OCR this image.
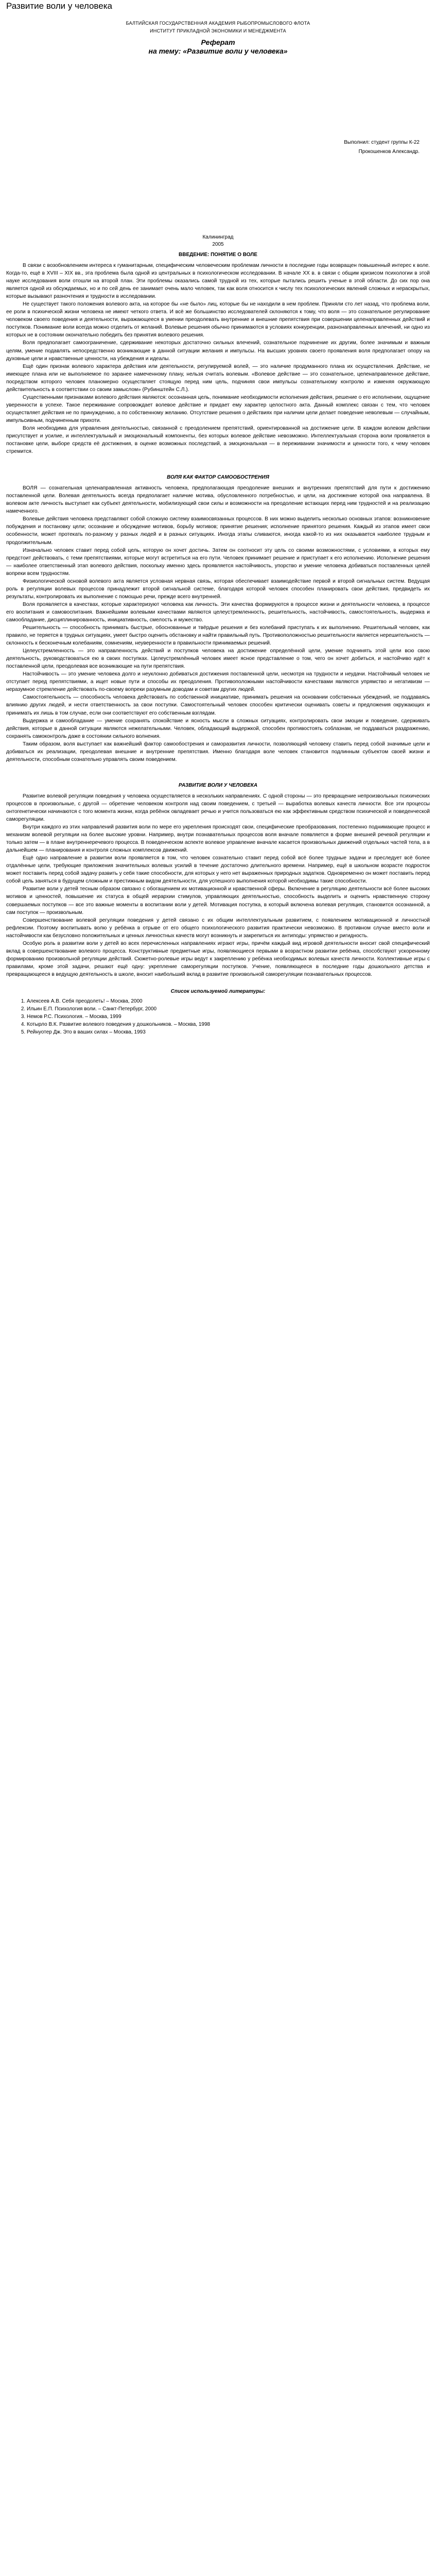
Развитие воли у человека
БАЛТИЙСКАЯ ГОСУДАРСТВЕННАЯ АКАДЕМИЯ РЫБОПРОМЫСЛОВОГО ФЛОТА
ИНСТИТУТ ПРИКЛАДНОЙ ЭКОНОМИКИ И МЕНЕДЖМЕНТА
Реферат
на тему: «Развитие воли у человека»
Выполнил: студент группы К-22
Прокошенков Александр.
Калининград
2005
ВВЕДЕНИЕ: ПОНЯТИЕ О ВОЛЕ

В связи с возобновлением интереса к гуманитарным, специфическим человеческим проблемам личности в последние годы возвращен повышенный интерес к воле. Когда-то, ещё в XVIII – XIX вв., эта проблема была одной из центральных в психологическом исследовании. В начале XX в. в связи с общим кризисом психологии в этой науке исследования воли отошли на второй план. Эти проблемы оказались самой трудной из тех, которые пытались решить ученые в этой области. До сих пор она является одной из обсуждаемых, но и по сей день ее занимает очень мало человек, так как воля относится к числу тех психологических явлений сложных и нераскрытых, которые вызывают разночтения и трудности в исследовании.

Не существует такого положения волевого акта, на которое бы «не было» лиц, которые бы не находили в нем проблем. Приняли сто лет назад, что проблема воли, ее роли в психической жизни человека не имеют четкого ответа. И всё же большинство исследователей склоняются к тому, что воля — это сознательное регулирование человеком своего поведения и деятельности, выражающееся в умении преодолевать внутренние и внешние препятствия при совершении целенаправленных действий и поступков. Понимание воли всегда можно отделить от желаний. Волевые решения обычно принимаются в условиях конкуренции, разнонаправленных влечений, ни одно из которых не в состоянии окончательно победить без принятия волевого решения.

Воля предполагает самоограничение, сдерживание некоторых достаточно сильных влечений, сознательное подчинение их другим, более значимым и важным целям, умение подавлять непосредственно возникающие в данной ситуации желания и импульсы. На высших уровнях своего проявления воля предполагает опору на духовные цели и нравственные ценности, на убеждения и идеалы.

Ещё один признак волевого характера действия или деятельности, регулируемой волей, — это наличие продуманного плана их осуществления. Действие, не имеющее плана или не выполняемое по заранее намеченному плану, нельзя считать волевым. «Волевое действие — это сознательное, целенаправленное действие, посредством которого человек планомерно осуществляет стоящую перед ним цель, подчиняя свои импульсы сознательному контролю и изменяя окружающую действительность в соответствии со своим замыслом» (Рубинштейн С.Л.).

Существенными признаками волевого действия являются: осознанная цель, понимание необходимости исполнения действия, решение о его исполнении, ощущение уверенности в успехе. Такое переживание сопровождает волевое действие и придает ему характер целостного акта. Данный комплекс связан с тем, что человек осуществляет действия не по принуждению, а по собственному желанию. Отсутствие решения о действиях при наличии цели делает поведение неволевым — случайным, импульсивным, подчиненным прихоти.

Воля необходима для управления деятельностью, связанной с преодолением препятствий, ориентированной на достижение цели. В каждом волевом действии присутствует и усилие, и интеллектуальный и эмоциональный компоненты, без которых волевое действие невозможно. Интеллектуальная сторона воли проявляется в постановке цели, выборе средств её достижения, в оценке возможных последствий, а эмоциональная — в переживании значимости и ценности того, к чему человек стремится.

ВОЛЯ КАК ФАКТОР САМООБОСТРЕНИЯ

ВОЛЯ — сознательная целенаправленная активность человека, предполагающая преодоление внешних и внутренних препятствий для пути к достижению поставленной цели. Волевая деятельность всегда предполагает наличие мотива, обусловленного потребностью, и цели, на достижение которой она направлена. В волевом акте личность выступает как субъект деятельности, мобилизующий свои силы и возможности на преодоление встающих перед ним трудностей и на реализацию намеченного.

Волевые действия человека представляют собой сложную систему взаимосвязанных процессов. В них можно выделить несколько основных этапов: возникновение побуждения и постановку цели; осознание и обсуждение мотивов, борьбу мотивов; принятие решения; исполнение принятого решения. Каждый из этапов имеет свои особенности, может протекать по-разному у разных людей и в разных ситуациях. Иногда этапы сливаются, иногда какой-то из них оказывается наиболее трудным и продолжительным.

Изначально человек ставит перед собой цель, которую он хочет достичь. Затем он соотносит эту цель со своими возможностями, с условиями, в которых ему предстоит действовать, с теми препятствиями, которые могут встретиться на его пути. Человек принимает решение и приступает к его исполнению. Исполнение решения — наиболее ответственный этап волевого действия, поскольку именно здесь проявляется настойчивость, упорство и умение человека добиваться поставленных целей вопреки всем трудностям.

Физиологической основой волевого акта является условная нервная связь, которая обеспечивает взаимодействие первой и второй сигнальных систем. Ведущая роль в регуляции волевых процессов принадлежит второй сигнальной системе, благодаря которой человек способен планировать свои действия, предвидеть их результаты, контролировать их выполнение с помощью речи, прежде всего внутренней.

Воля проявляется в качествах, которые характеризуют человека как личность. Эти качества формируются в процессе жизни и деятельности человека, в процессе его воспитания и самовоспитания. Важнейшими волевыми качествами являются целеустремленность, решительность, настойчивость, самостоятельность, выдержка и самообладание, дисциплинированность, инициативность, смелость и мужество.

Решительность — способность принимать быстрые, обоснованные и твёрдые решения и без колебаний приступать к их выполнению. Решительный человек, как правило, не теряется в трудных ситуациях, умеет быстро оценить обстановку и найти правильный путь. Противоположностью решительности является нерешительность — склонность к бесконечным колебаниям, сомнениям, неуверенности в правильности принимаемых решений.

Целеустремленность — это направленность действий и поступков человека на достижение определённой цели, умение подчинять этой цели всю свою деятельность, руководствоваться ею в своих поступках. Целеустремлённый человек имеет ясное представление о том, чего он хочет добиться, и настойчиво идёт к поставленной цели, преодолевая все возникающие на пути препятствия.

Настойчивость — это умение человека долго и неуклонно добиваться достижения поставленной цели, несмотря на трудности и неудачи. Настойчивый человек не отступает перед препятствиями, а ищет новые пути и способы их преодоления. Противоположными настойчивости качествами являются упрямство и негативизм — неразумное стремление действовать по-своему вопреки разумным доводам и советам других людей.

Самостоятельность — способность человека действовать по собственной инициативе, принимать решения на основании собственных убеждений, не поддаваясь влиянию других людей, и нести ответственность за свои поступки. Самостоятельный человек способен критически оценивать советы и предложения окружающих и принимать их лишь в том случае, если они соответствуют его собственным взглядам.

Выдержка и самообладание — умение сохранять спокойствие и ясность мысли в сложных ситуациях, контролировать свои эмоции и поведение, сдерживать действия, которые в данной ситуации являются нежелательными. Человек, обладающий выдержкой, способен противостоять соблазнам, не поддаваться раздражению, сохранять самоконтроль даже в состоянии сильного волнения.

Таким образом, воля выступает как важнейший фактор самообострения и саморазвития личности, позволяющий человеку ставить перед собой значимые цели и добиваться их реализации, преодолевая внешние и внутренние препятствия. Именно благодаря воле человек становится подлинным субъектом своей жизни и деятельности, способным сознательно управлять своим поведением.

РАЗВИТИЕ ВОЛИ У ЧЕЛОВЕКА

Развитие волевой регуляции поведения у человека осуществляется в нескольких направлениях. С одной стороны — это превращение непроизвольных психических процессов в произвольные, с другой — обретение человеком контроля над своим поведением, с третьей — выработка волевых качеств личности. Все эти процессы онтогенетически начинаются с того момента жизни, когда ребёнок овладевает речью и учится пользоваться ею как эффективным средством психической и поведенческой саморегуляции.

Внутри каждого из этих направлений развития воли по мере его укрепления происходят свои, специфические преобразования, постепенно поднимающие процесс и механизм волевой регуляции на более высокие уровни. Например, внутри познавательных процессов воля вначале появляется в форме внешней речевой регуляции и только затем — в плане внутреннеречевого процесса. В поведенческом аспекте волевое управление вначале касается произвольных движений отдельных частей тела, а в дальнейшем — планирования и контроля сложных комплексов движений.

Ещё одно направление в развитии воли проявляется в том, что человек сознательно ставит перед собой всё более трудные задачи и преследует всё более отдалённые цели, требующие приложения значительных волевых усилий в течение достаточно длительного времени. Например, ещё в школьном возрасте подросток может поставить перед собой задачу развить у себя такие способности, для которых у него нет выраженных природных задатков. Одновременно он может поставить перед собой цель заняться в будущем сложным и престижным видом деятельности, для успешного выполнения которой необходимы такие способности.

Развитие воли у детей тесным образом связано с обогащением их мотивационной и нравственной сферы. Включение в регуляцию деятельности всё более высоких мотивов и ценностей, повышение их статуса в общей иерархии стимулов, управляющих деятельностью, способность выделить и оценить нравственную сторону совершаемых поступков — все это важные моменты в воспитании воли у детей. Мотивация поступка, в который включена волевая регуляция, становится осознанной, а сам поступок — произвольным.

Совершенствование волевой регуляции поведения у детей связано с их общим интеллектуальным развитием, с появлением мотивационной и личностной рефлексии. Поэтому воспитывать волю у ребёнка в отрыве от его общего психологического развития практически невозможно. В противном случае вместо воли и настойчивости как безусловно положительных и ценных личностных качеств могут возникнуть и закрепиться их антиподы: упрямство и ригидность.

Особую роль в развитии воли у детей во всех перечисленных направлениях играют игры, причём каждый вид игровой деятельности вносит свой специфический вклад в совершенствование волевого процесса. Конструктивные предметные игры, появляющиеся первыми в возрастном развитии ребёнка, способствуют ускоренному формированию произвольной регуляции действий. Сюжетно-ролевые игры ведут к закреплению у ребёнка необходимых волевых качеств личности. Коллективные игры с правилами, кроме этой задачи, решают ещё одну: укрепление саморегуляции поступков. Учение, появляющееся в последние годы дошкольного детства и превращающееся в ведущую деятельность в школе, вносит наибольший вклад в развитие произвольной саморегуляции познавательных процессов.

Список используемой литературы:
1. Алексеев А.В. Себя преодолеть! – Москва, 2000
2. Ильин Е.П. Психология воли. – Санкт-Петербург, 2000
3. Немов Р.С. Психология. – Москва, 1999
4. Котырло В.К. Развитие волевого поведения у дошкольников. – Москва, 1998
5. Рейнуотер Дж. Это в ваших силах – Москва, 1993
